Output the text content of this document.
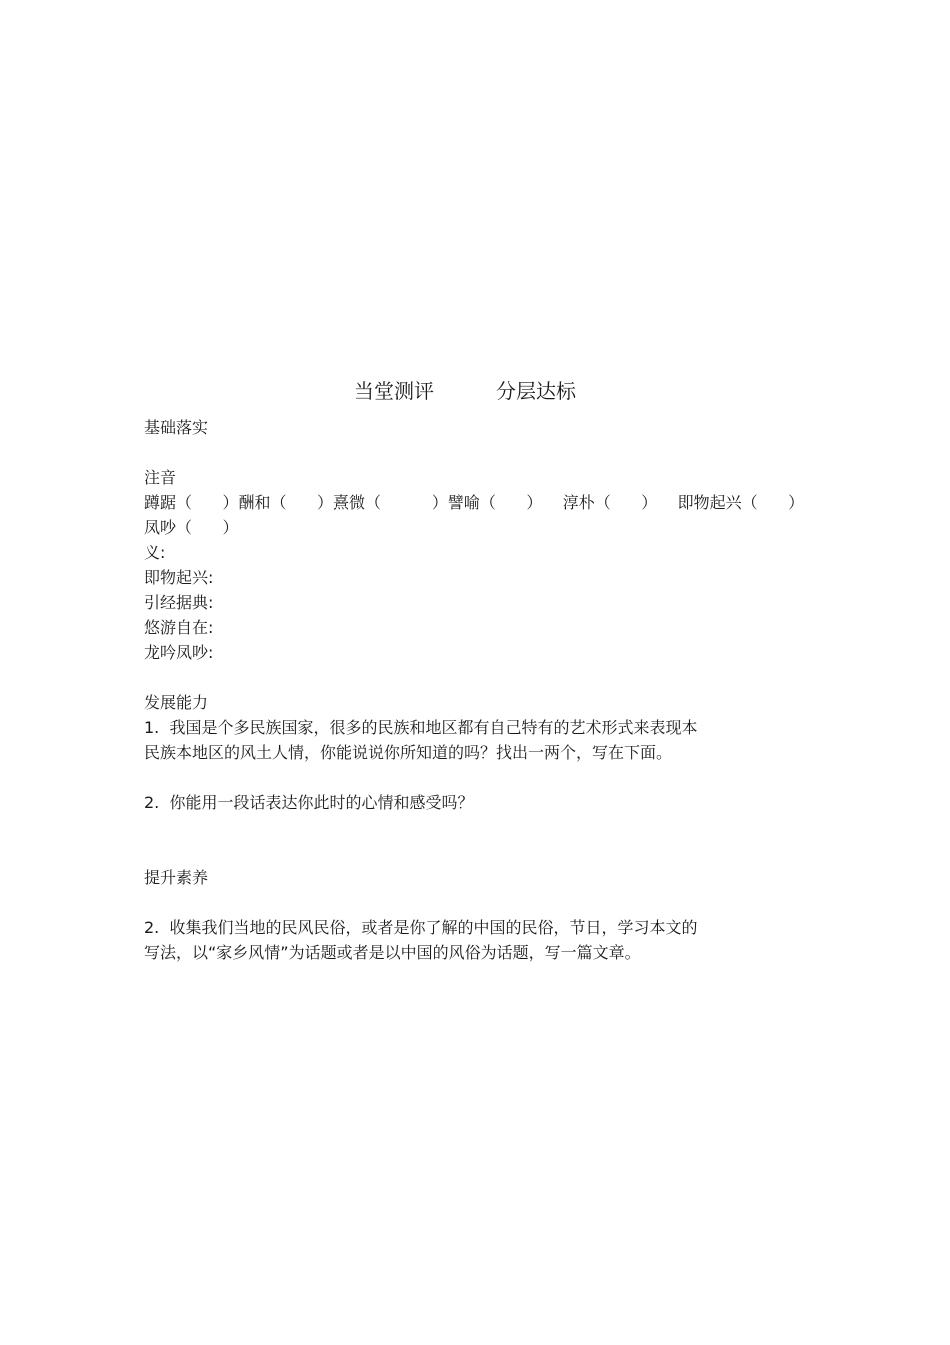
当堂测评	分层达标
基础落实
注音
蹲踞（      ）酬和（      ）熹微（          ）譬喻（      ）    淳朴（      ）    即物起兴（      ）
凤吵（      ）
义:
即物起兴:
引经据典:
悠游自在:
龙吟凤吵:
发展能力
1.  我国是个多民族国家，很多的民族和地区都有自己特有的艺术形式来表现本
民族本地区的风土人情，你能说说你所知道的吗？找出一两个，写在下面。
2.  你能用一段话表达你此时的心情和感受吗？
提升素养
2.  收集我们当地的民风民俗，或者是你了解的中国的民俗，节日，学习本文的
写法，以“家乡风情”为话题或者是以中国的风俗为话题，写一篇文章。
